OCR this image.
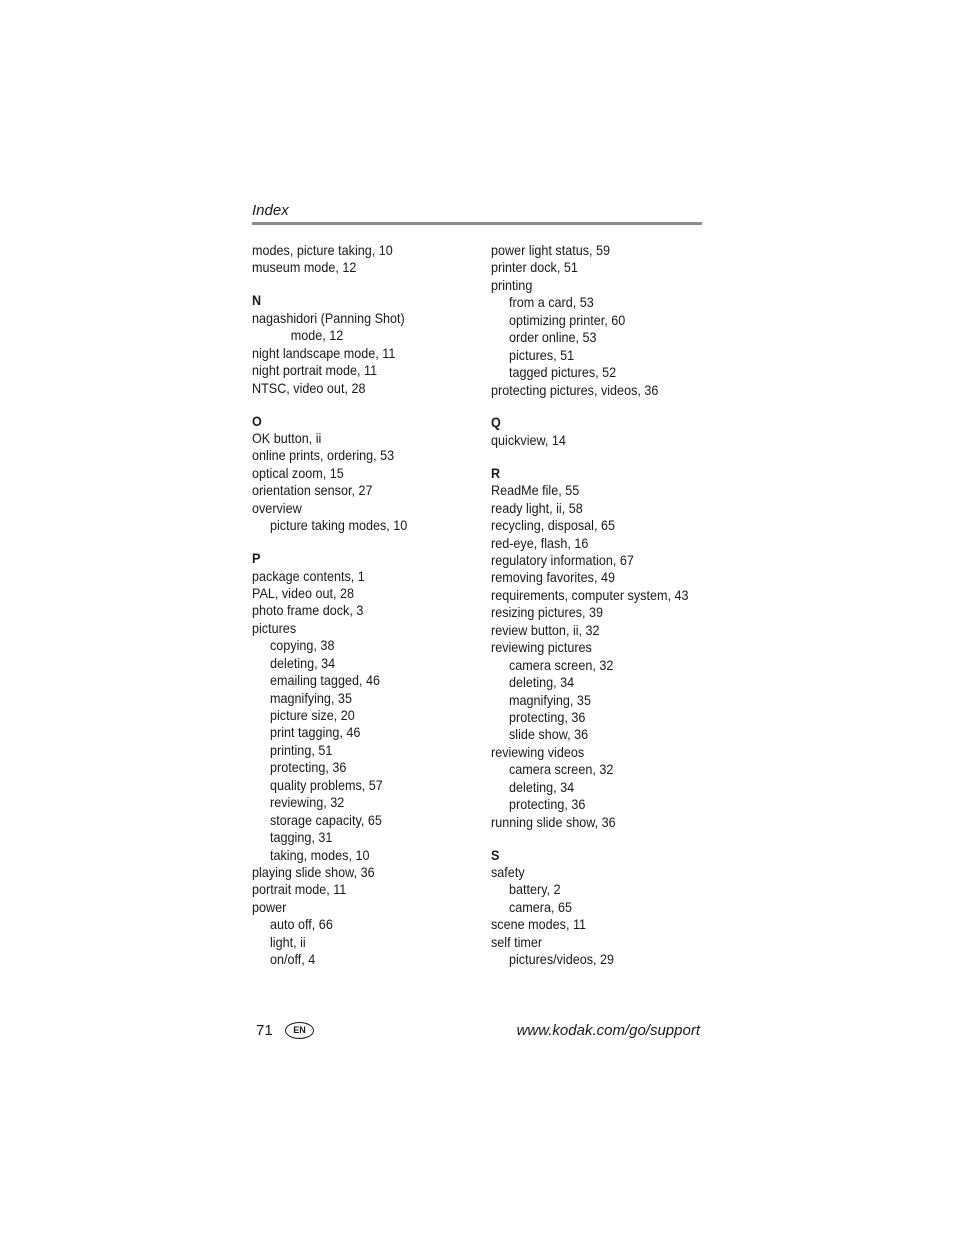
Index
modes, picture taking, 10
museum mode, 12
N
nagashidori (Panning Shot)
mode, 12
night landscape mode, 11
night portrait mode, 11
NTSC, video out, 28
O
OK button, ii
online prints, ordering, 53
optical zoom, 15
orientation sensor, 27
overview
picture taking modes, 10
P
package contents, 1
PAL, video out, 28
photo frame dock, 3
pictures
copying, 38
deleting, 34
emailing tagged, 46
magnifying, 35
picture size, 20
print tagging, 46
printing, 51
protecting, 36
quality problems, 57
reviewing, 32
storage capacity, 65
tagging, 31
taking, modes, 10
playing slide show, 36
portrait mode, 11
power
auto off, 66
light, ii
on/off, 4
power light status, 59
printer dock, 51
printing
from a card, 53
optimizing printer, 60
order online, 53
pictures, 51
tagged pictures, 52
protecting pictures, videos, 36
Q
quickview, 14
R
ReadMe file, 55
ready light, ii, 58
recycling, disposal, 65
red-eye, flash, 16
regulatory information, 67
removing favorites, 49
requirements, computer system, 43
resizing pictures, 39
review button, ii, 32
reviewing pictures
camera screen, 32
deleting, 34
magnifying, 35
protecting, 36
slide show, 36
reviewing videos
camera screen, 32
deleting, 34
protecting, 36
running slide show, 36
S
safety
battery, 2
camera, 65
scene modes, 11
self timer
pictures/videos, 29
71	EN	www.kodak.com/go/support
